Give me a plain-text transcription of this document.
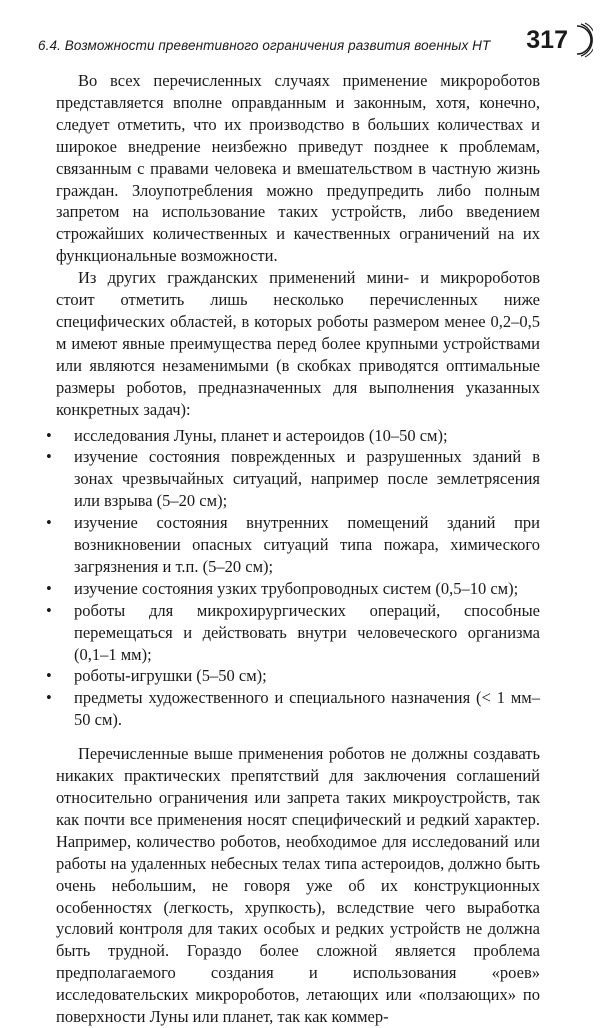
6.4. Возможности превентивного ограничения развития военных НТ 317

Во всех перечисленных случаях применение микророботов представляется вполне оправданным и законным, хотя, конечно, следует отметить, что их производство в больших количествах и широкое внедрение неизбежно приведут позднее к проблемам, связанным с правами человека и вмешательством в частную жизнь граждан. Злоупотребления можно предупредить либо полным запретом на использование таких устройств, либо введением строжайших количественных и качественных ограничений на их функциональные возможности.

Из других гражданских применений мини- и микророботов стоит отметить лишь несколько перечисленных ниже специфических областей, в которых роботы размером менее 0,2–0,5 м имеют явные преимущества перед более крупными устройствами или являются незаменимыми (в скобках приводятся оптимальные размеры роботов, предназначенных для выполнения указанных конкретных задач):

• исследования Луны, планет и астероидов (10–50 см);
• изучение состояния поврежденных и разрушенных зданий в зонах чрезвычайных ситуаций, например после землетрясения или взрыва (5–20 см);
• изучение состояния внутренних помещений зданий при возникновении опасных ситуаций типа пожара, химического загрязнения и т.п. (5–20 см);
• изучение состояния узких трубопроводных систем (0,5–10 см);
• роботы для микрохирургических операций, способные перемещаться и действовать внутри человеческого организма (0,1–1 мм);
• роботы-игрушки (5–50 см);
• предметы художественного и специального назначения (< 1 мм–50 см).

Перечисленные выше применения роботов не должны создавать никаких практических препятствий для заключения соглашений относительно ограничения или запрета таких микроустройств, так как почти все применения носят специфический и редкий характер. Например, количество роботов, необходимое для исследований или работы на удаленных небесных телах типа астероидов, должно быть очень небольшим, не говоря уже об их конструкционных особенностях (легкость, хрупкость), вследствие чего выработка условий контроля для таких особых и редких устройств не должна быть трудной. Гораздо более сложной является проблема предполагаемого создания и использования «роев» исследовательских микророботов, летающих или «ползающих» по поверхности Луны или планет, так как коммер-
